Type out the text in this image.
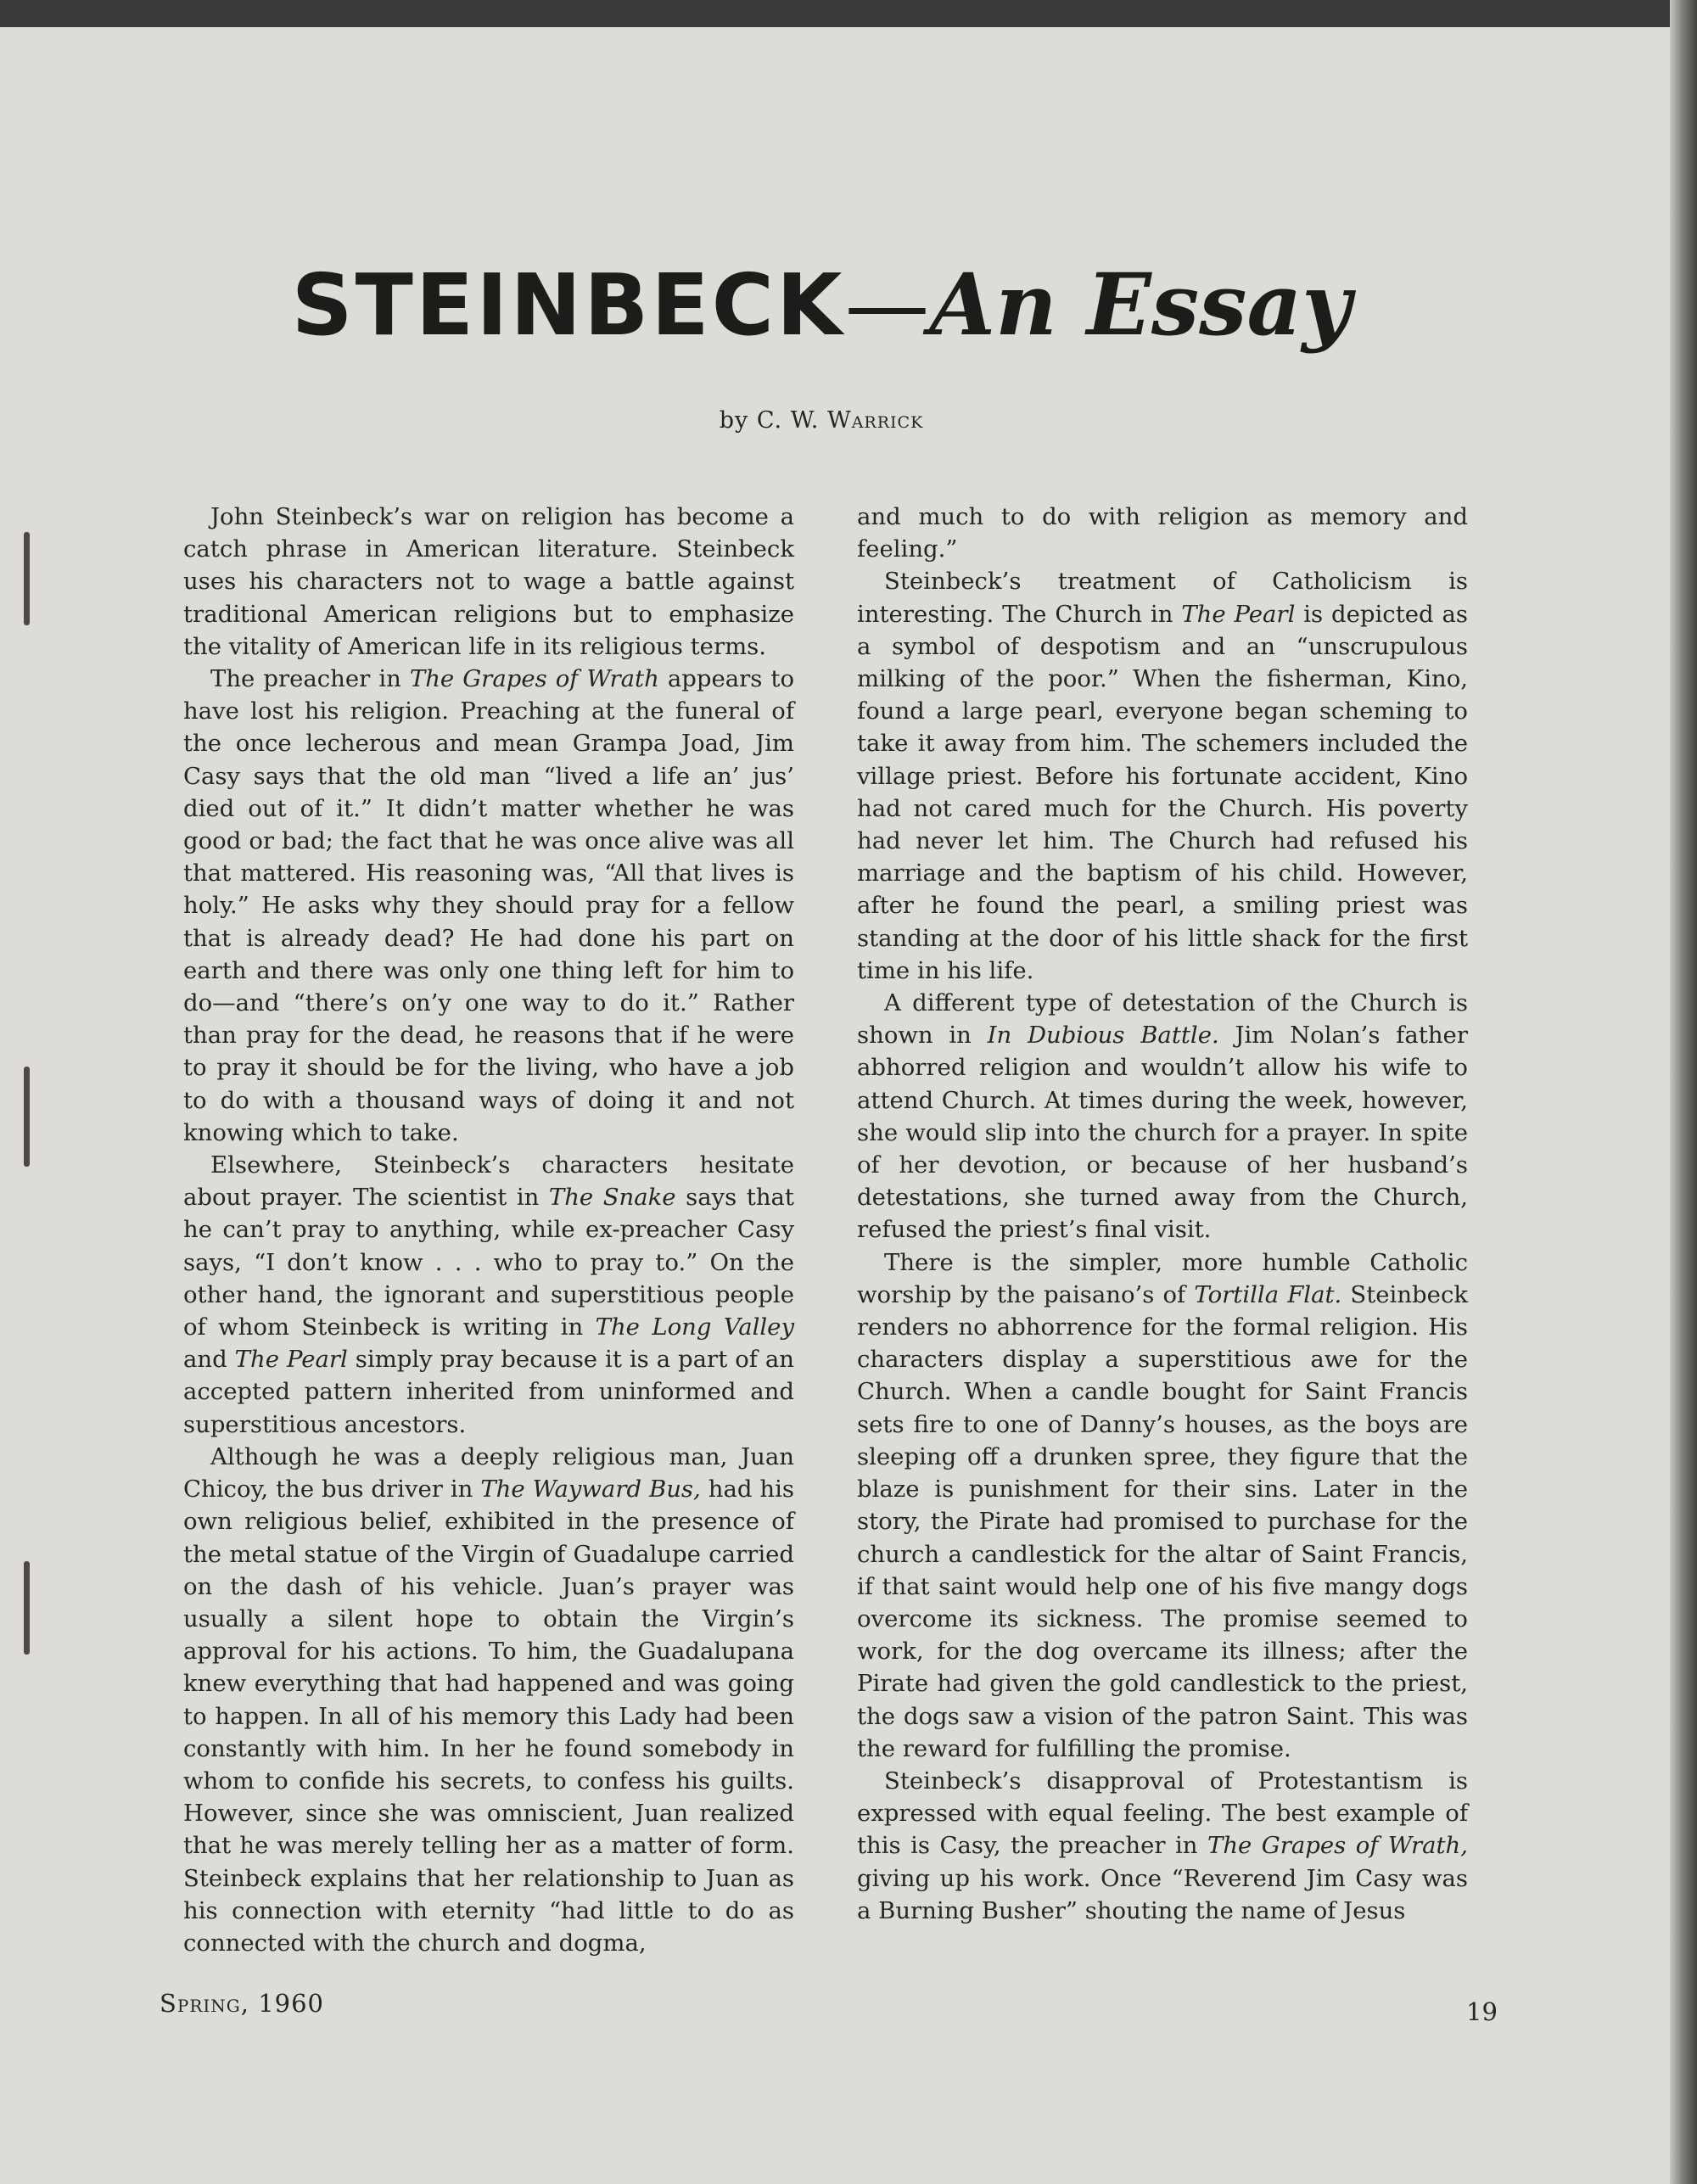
STEINBECK—An Essay
by C. W. Warrick

John Steinbeck’s war on religion has become a catch phrase in American literature. Steinbeck uses his characters not to wage a battle against traditional American religions but to emphasize the vitality of American life in its religious terms.

The preacher in The Grapes of Wrath appears to have lost his religion. Preaching at the funeral of the once lecherous and mean Grampa Joad, Jim Casy says that the old man “lived a life an’ jus’ died out of it.” It didn’t matter whether he was good or bad; the fact that he was once alive was all that mattered. His reasoning was, “All that lives is holy.” He asks why they should pray for a fellow that is already dead? He had done his part on earth and there was only one thing left for him to do—and “there’s on’y one way to do it.” Rather than pray for the dead, he reasons that if he were to pray it should be for the living, who have a job to do with a thousand ways of doing it and not knowing which to take.

Elsewhere, Steinbeck’s characters hesitate about prayer. The scientist in The Snake says that he can’t pray to anything, while ex-preacher Casy says, “I don’t know . . . who to pray to.” On the other hand, the ignorant and superstitious people of whom Steinbeck is writing in The Long Valley and The Pearl simply pray because it is a part of an accepted pattern inherited from uninformed and superstitious ancestors.

Although he was a deeply religious man, Juan Chicoy, the bus driver in The Wayward Bus, had his own religious belief, exhibited in the presence of the metal statue of the Virgin of Guadalupe carried on the dash of his vehicle. Juan’s prayer was usually a silent hope to obtain the Virgin’s approval for his actions. To him, the Guadalupana knew everything that had happened and was going to happen. In all of his memory this Lady had been constantly with him. In her he found somebody in whom to confide his secrets, to confess his guilts. However, since she was omniscient, Juan realized that he was merely telling her as a matter of form. Steinbeck explains that her relationship to Juan as his connection with eternity “had little to do as connected with the church and dogma,

and much to do with religion as memory and feeling.”

Steinbeck’s treatment of Catholicism is interesting. The Church in The Pearl is depicted as a symbol of despotism and an “unscrupulous milking of the poor.” When the fisherman, Kino, found a large pearl, everyone began scheming to take it away from him. The schemers included the village priest. Before his fortunate accident, Kino had not cared much for the Church. His poverty had never let him. The Church had refused his marriage and the baptism of his child. However, after he found the pearl, a smiling priest was standing at the door of his little shack for the first time in his life.

A different type of detestation of the Church is shown in In Dubious Battle. Jim Nolan’s father abhorred religion and wouldn’t allow his wife to attend Church. At times during the week, however, she would slip into the church for a prayer. In spite of her devotion, or because of her husband’s detestations, she turned away from the Church, refused the priest’s final visit.

There is the simpler, more humble Catholic worship by the paisano’s of Tortilla Flat. Steinbeck renders no abhorrence for the formal religion. His characters display a superstitious awe for the Church. When a candle bought for Saint Francis sets fire to one of Danny’s houses, as the boys are sleeping off a drunken spree, they figure that the blaze is punishment for their sins. Later in the story, the Pirate had promised to purchase for the church a candlestick for the altar of Saint Francis, if that saint would help one of his five mangy dogs overcome its sickness. The promise seemed to work, for the dog overcame its illness; after the Pirate had given the gold candlestick to the priest, the dogs saw a vision of the patron Saint. This was the reward for fulfilling the promise.

Steinbeck’s disapproval of Protestantism is expressed with equal feeling. The best example of this is Casy, the preacher in The Grapes of Wrath, giving up his work. Once “Reverend Jim Casy was a Burning Busher” shouting the name of Jesus

Spring, 1960	19
